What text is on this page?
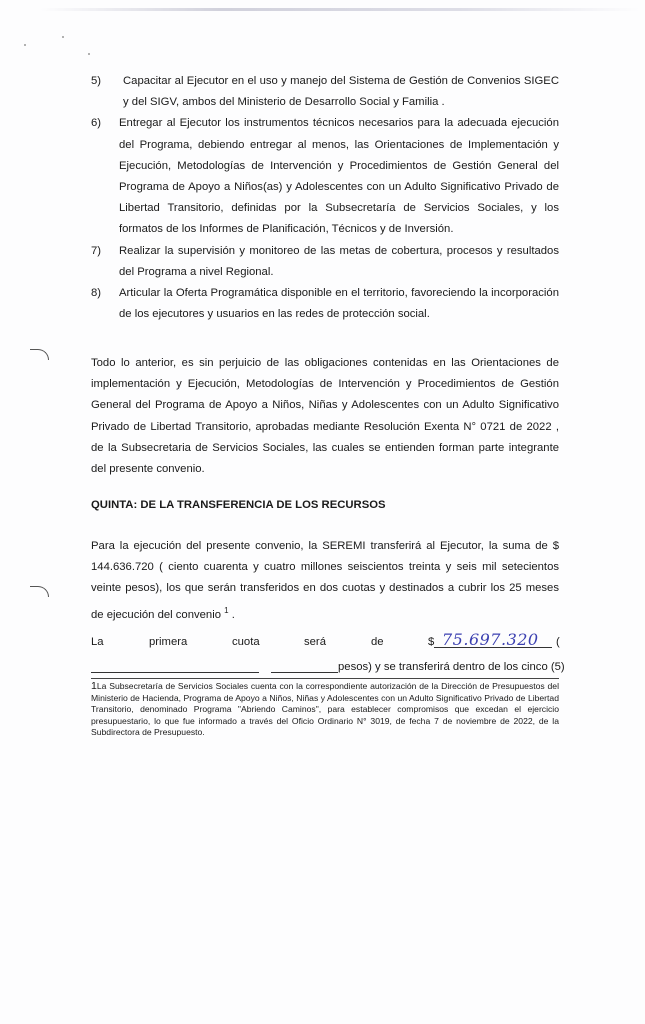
5)	Capacitar al Ejecutor en el uso y manejo del Sistema de Gestión de Convenios SIGEC y del SIGV, ambos del Ministerio de Desarrollo Social y Familia .
6) Entregar al Ejecutor los instrumentos técnicos necesarios para la adecuada ejecución del Programa, debiendo entregar al menos, las Orientaciones de Implementación y Ejecución, Metodologías de Intervención y Procedimientos de Gestión General del Programa de Apoyo a Niños(as) y Adolescentes con un Adulto Significativo Privado de Libertad Transitorio, definidas por la Subsecretaría de Servicios Sociales, y los formatos de los Informes de Planificación, Técnicos y de Inversión.
7) Realizar la supervisión y monitoreo de las metas de cobertura, procesos y resultados del Programa a nivel Regional.
8) Articular la Oferta Programática disponible en el territorio, favoreciendo la incorporación de los ejecutores y usuarios en las redes de protección social.
Todo lo anterior, es sin perjuicio de las obligaciones contenidas en las Orientaciones de implementación y Ejecución, Metodologías de Intervención y Procedimientos de Gestión General del Programa de Apoyo a Niños, Niñas y Adolescentes con un Adulto Significativo Privado de Libertad Transitorio, aprobadas mediante Resolución Exenta N° 0721 de 2022 , de la Subsecretaria de Servicios Sociales, las cuales se entienden forman parte integrante del presente convenio.
QUINTA: DE LA TRANSFERENCIA DE LOS RECURSOS
Para la ejecución del presente convenio, la SEREMI transferirá al Ejecutor, la suma de $ 144.636.720 ( ciento cuarenta y cuatro millones seiscientos treinta y seis mil setecientos veinte pesos), los que serán transferidos en dos cuotas y destinados a cubrir los 25 meses de ejecución del convenio $^1$ .
La	primera	cuota	será	de	$	(
75.697.320
pesos) y se transferirá dentro de los cinco (5)
1La Subsecretaría de Servicios Sociales cuenta con la correspondiente autorización de la Dirección de Presupuestos del Ministerio de Hacienda, Programa de Apoyo a Niños, Niñas y Adolescentes con un Adulto Significativo Privado de Libertad Transitorio, denominado Programa "Abriendo Caminos", para establecer compromisos que excedan el ejercicio presupuestario, lo que fue informado a través del Oficio Ordinario N° 3019, de fecha 7 de noviembre de 2022, de la Subdirectora de Presupuesto.
